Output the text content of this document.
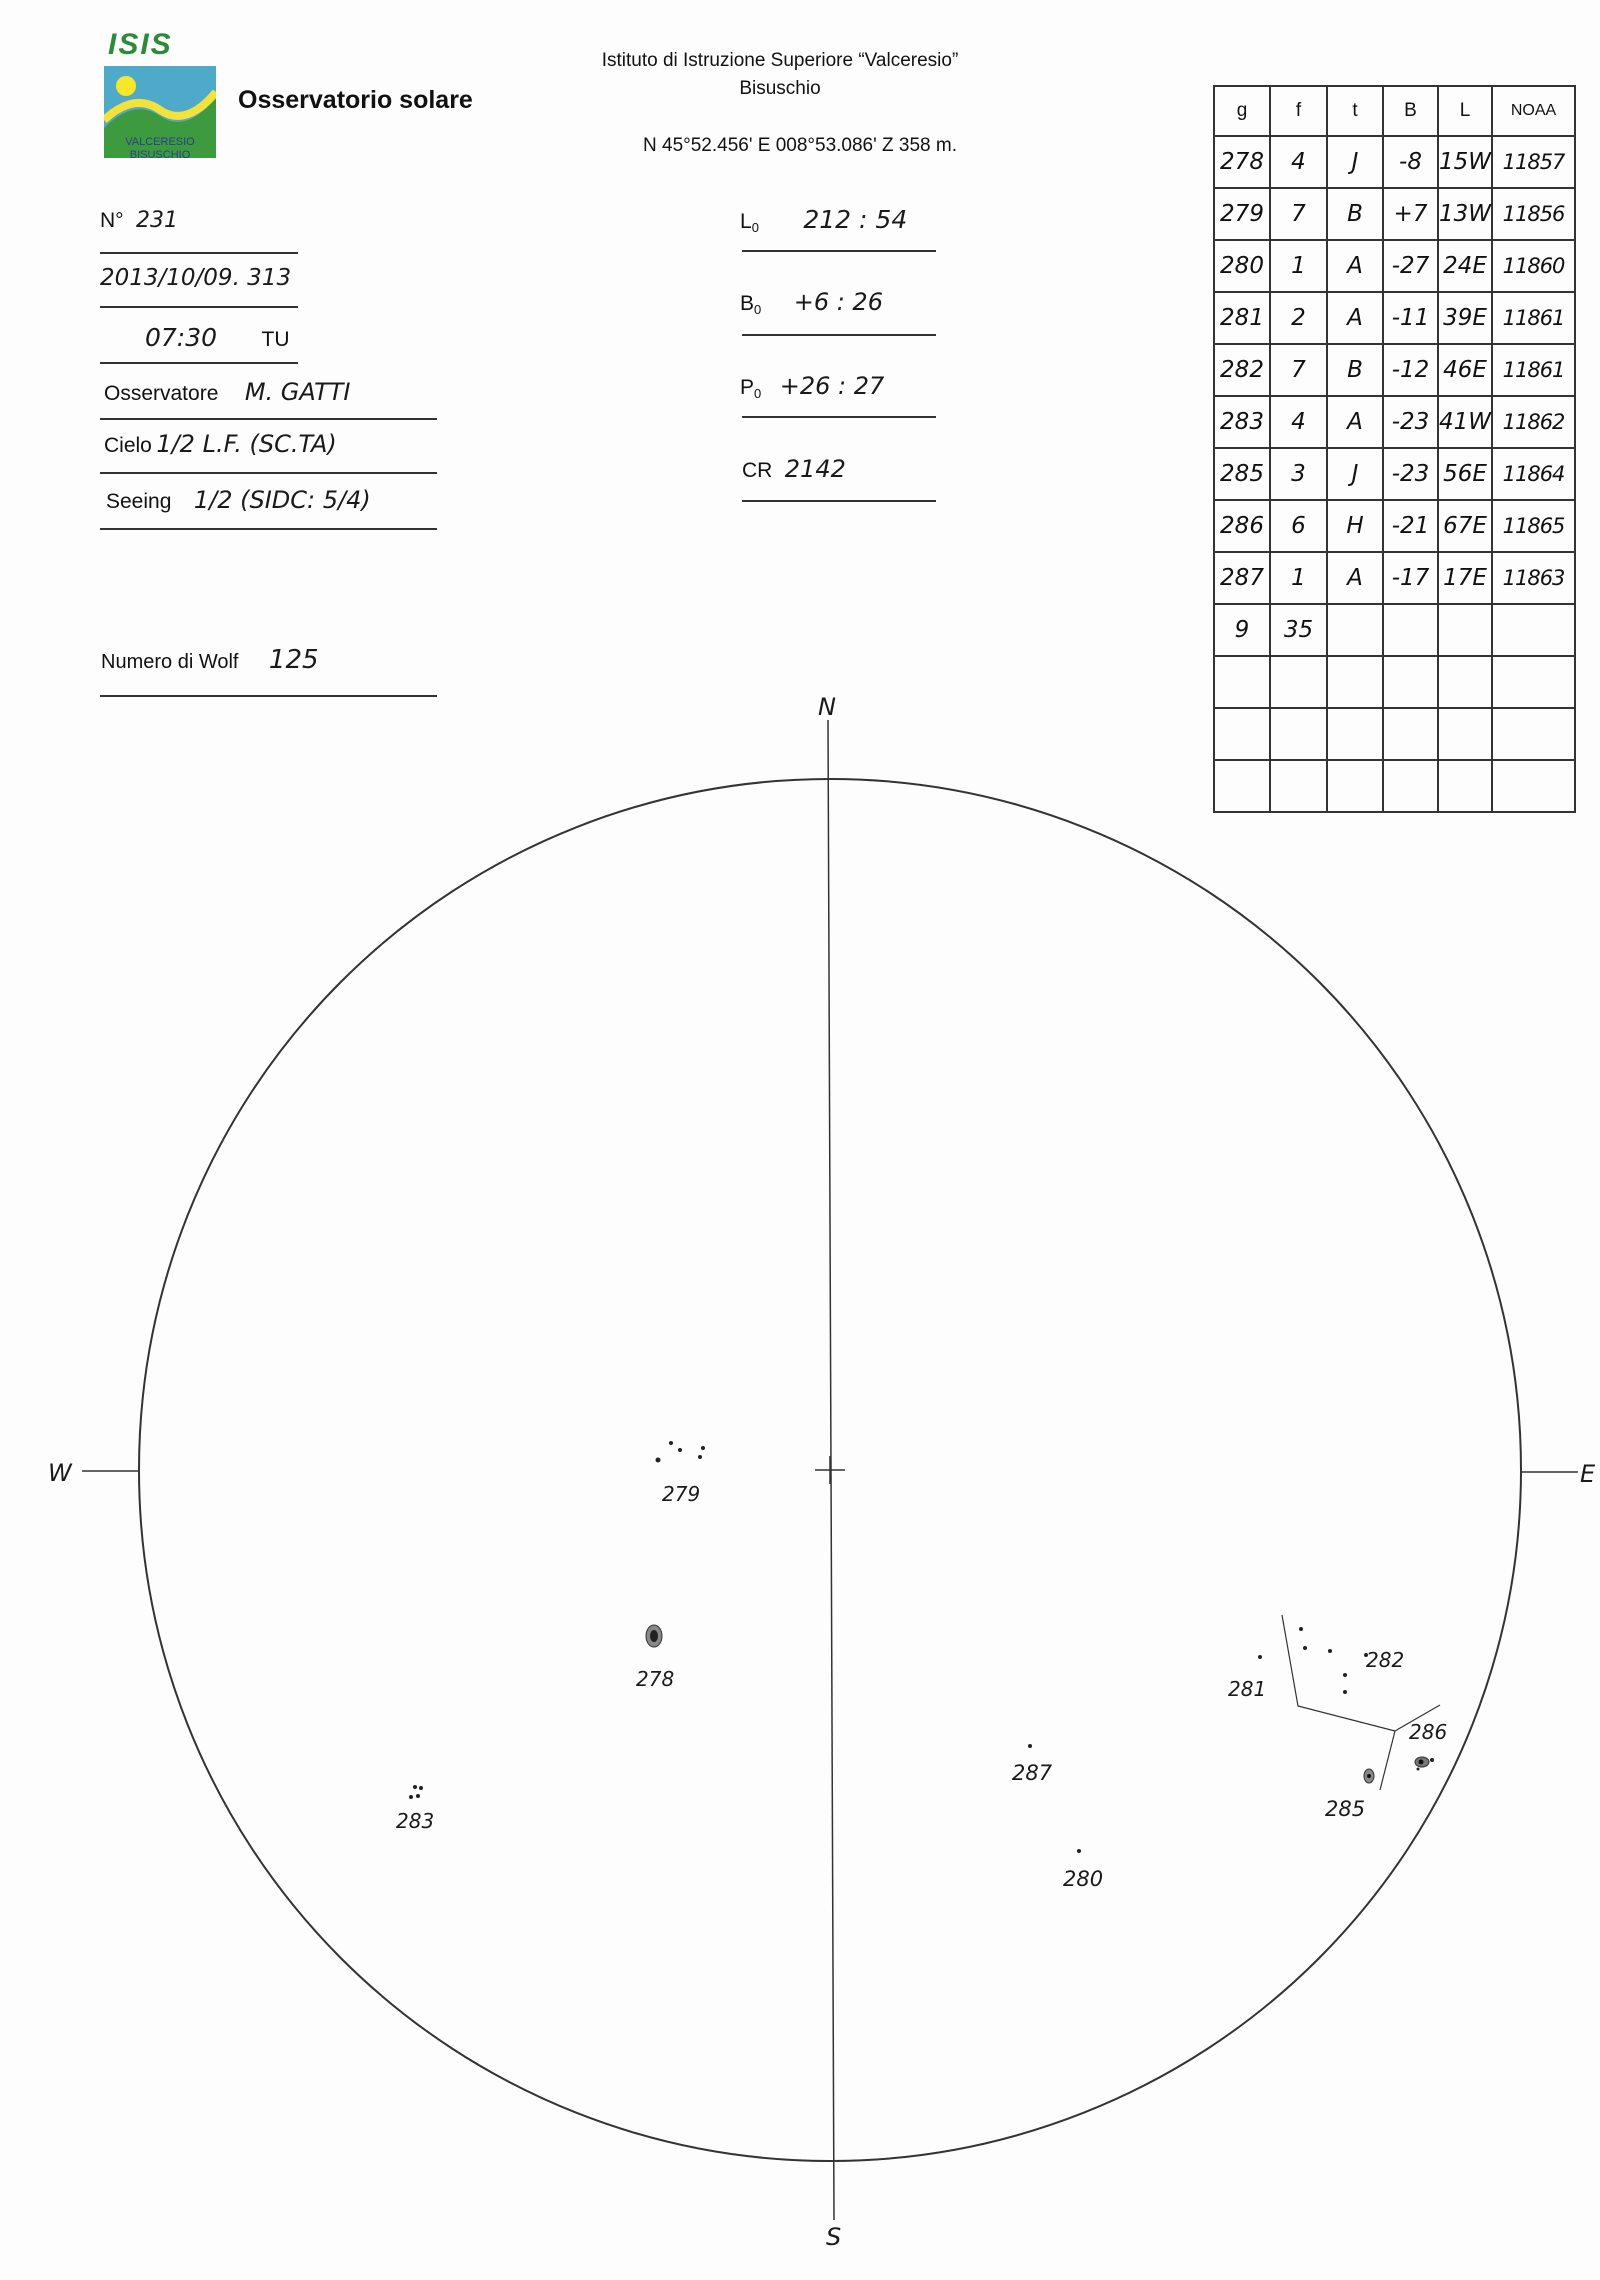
ISIS
VALCERESIO
BISUSCHIO
Osservatorio solare
Istituto di Istruzione Superiore “Valceresio”
Bisuschio
N 45°52.456' E 008°53.086' Z 358 m.
N° 231
2013/10/09. 313
07:30 TU
Osservatore M. GATTI
Cielo 1/2 L.F. (SC.TA)
Seeing 1/2 (SIDC: 5/4)
Numero di Wolf 125
$L_0$ 212 : 54
$B_0 +6$ : 26
$P_0 +26$ : 27
CR 2142
g	f	t	B	L	NOAA
278	4	J	-8	15W	11857
279	7	B	+7	13W	11856
280	1	A	-27	24E	11860
281	2	A	-11	39E	11861
282	7	B	-12	46E	11861
283	4	A	-23	41W	11862
285	3	J	-23	56E	11864
286	6	H	-21	67E	11865
287	1	A	-17	17E	11863
9	35				

N
S
W	E
279
278
283
287
280
281
282
286
285
